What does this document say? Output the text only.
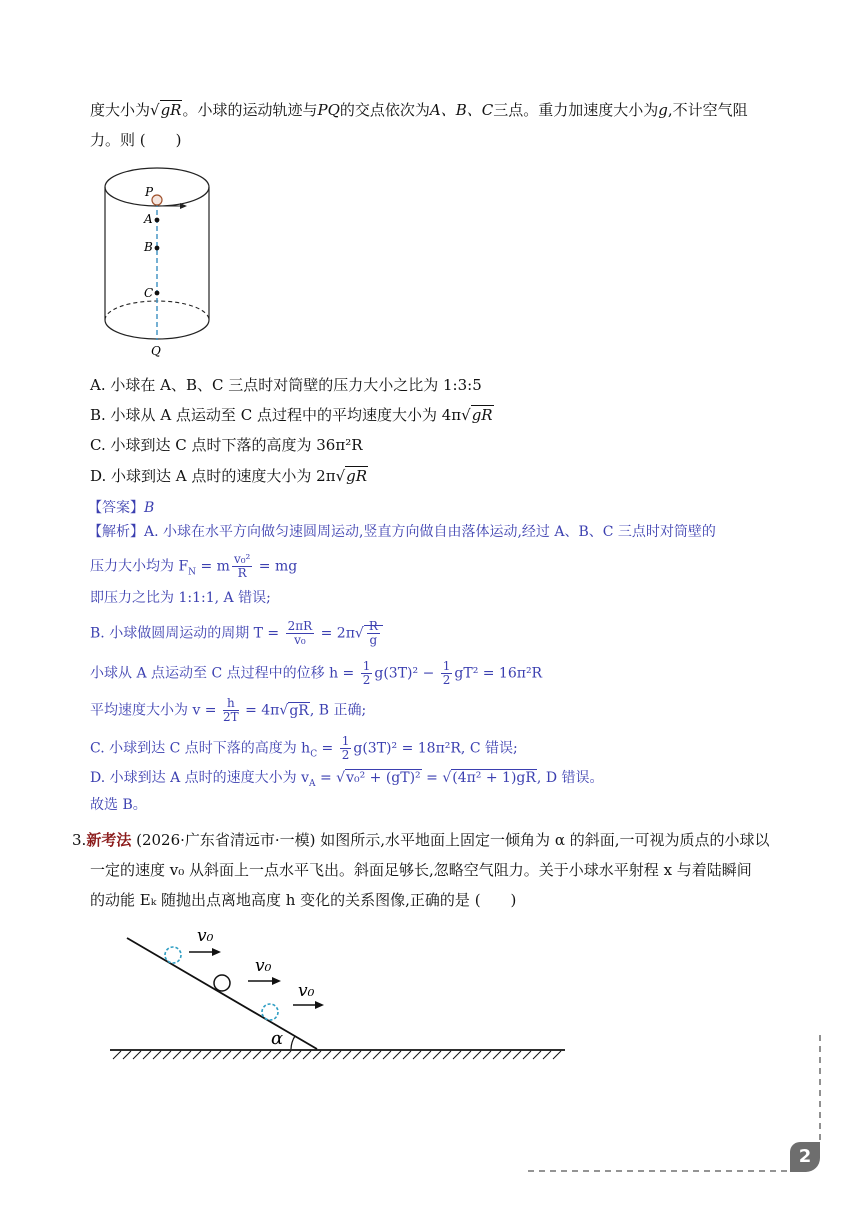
度大小为√gR。小球的运动轨迹与PQ的交点依次为A、B、C三点。重力加速度大小为g,不计空气阻
力。则 (　　)
P
A
B
C
Q
A. 小球在 A、B、C 三点时对筒壁的压力大小之比为 1:3:5
B. 小球从 A 点运动至 C 点过程中的平均速度大小为 4π√gR
C. 小球到达 C 点时下落的高度为 36π²R
D. 小球到达 A 点时的速度大小为 2π√gR
【答案】B
【解析】A. 小球在水平方向做匀速圆周运动,竖直方向做自由落体运动,经过 A、B、C 三点时对筒壁的
压力大小均为 $F_N = m \frac{\text{v₀²}}{R}$ = mg
即压力之比为 1:1:1, A 错误;
B. 小球做圆周运动的周期 $T = \frac{2\pi R}{\text{v₀}} = 2\pi√ \frac{R}{g}$
小球从 A 点运动至 C 点过程中的位移 $h = \frac{1}{2} g(3T)^2 - \frac{1}{2} gT^2 = 16\pi^2R$
平均速度大小为 $v = \frac{h}{2T} = 4\pi√gR$, B 正确;
C. 小球到达 C 点时下落的高度为 $h_C = \frac{1}{2} g(3T)^2 = 18\pi^2R$, C 错误;
D. 小球到达 A 点时的速度大小为 $v_A = √v_0^2 + (gT)^2 = √(4\pi^2 + 1)gR$, D 错误。
故选 B。
3.新考法 (2026·广东省清远市·一模) 如图所示,水平地面上固定一倾角为 α 的斜面,一可视为质点的小球以
一定的速度 v₀ 从斜面上一点水平飞出。斜面足够长,忽略空气阻力。关于小球水平射程 x 与着陆瞬间
的动能 Eₖ 随抛出点离地高度 h 变化的关系图像,正确的是 (　　)
α
v₀
v₀
v₀
2
